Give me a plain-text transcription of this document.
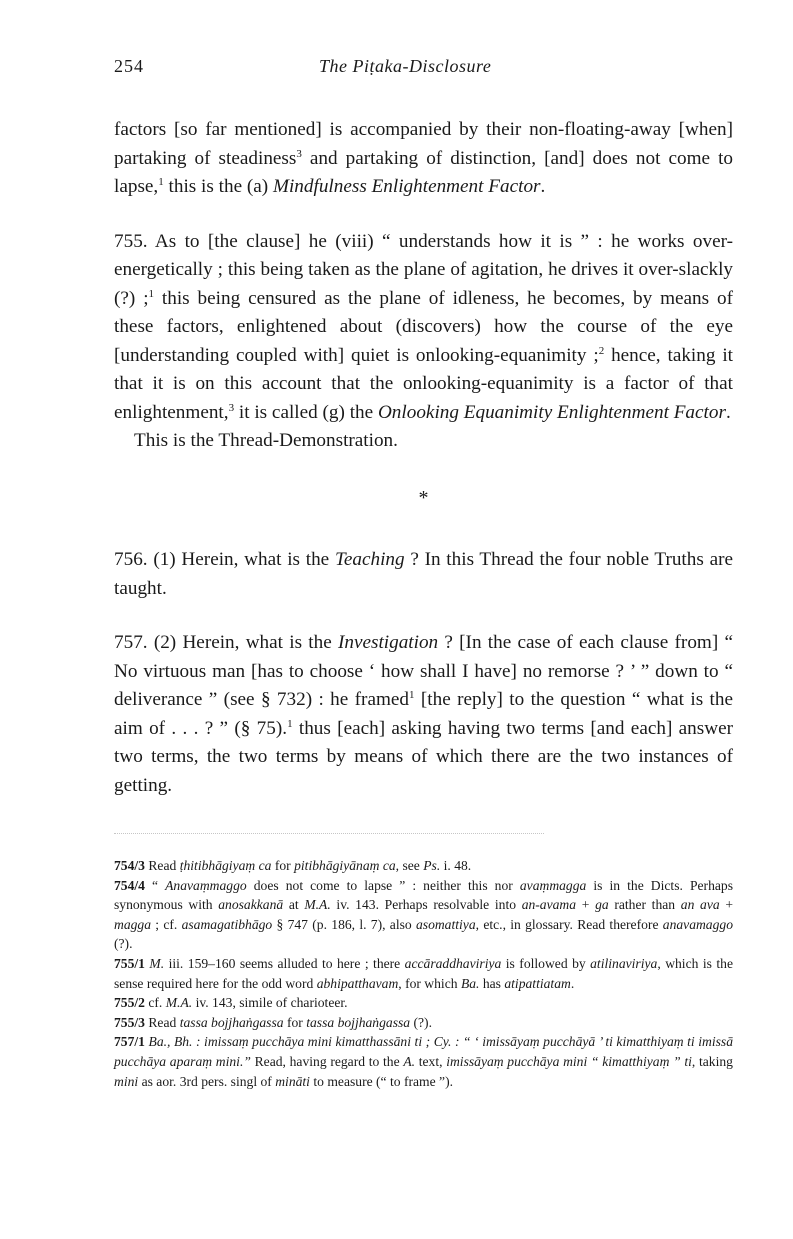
254	The Piṭaka-Disclosure

factors [so far mentioned] is accompanied by their non-floating-away [when] partaking of steadiness$^3$ and partaking of distinction, [and] does not come to lapse,$^1$ this is the (a) Mindfulness Enlightenment Factor.

755. As to [the clause] he (viii) “ understands how it is ” : he works over-energetically ; this being taken as the plane of agitation, he drives it over-slackly (?) ;$^1$ this being censured as the plane of idleness, he becomes, by means of these factors, enlightened about (discovers) how the course of the eye [understanding coupled with] quiet is onlooking-equanimity ;$^2$ hence, taking it that it is on this account that the onlooking-equanimity is a factor of that enlightenment,$^3$ it is called (g) the Onlooking Equanimity Enlightenment Factor.

This is the Thread-Demonstration.

*

756. (1) Herein, what is the Teaching ? In this Thread the four noble Truths are taught.

757. (2) Herein, what is the Investigation ? [In the case of each clause from] “ No virtuous man [has to choose ‘ how shall I have] no remorse ? ’ ” down to “ deliverance ” (see § 732) : he framed$^1$ [the reply] to the question “ what is the aim of . . . ? ” (§ 75).$^1$ thus [each] asking having two terms [and each] answer two terms, the two terms by means of which there are the two instances of getting.

754/3 Read ṭhitibhāgiyaṃ ca for pitibhāgiyānaṃ ca, see Ps. i. 48.

754/4 “ Anavaṃmaggo does not come to lapse ” : neither this nor avaṃmagga is in the Dicts. Perhaps synonymous with anosakkanā at M.A. iv. 143. Perhaps resolvable into an-avama + ga rather than an ava + magga ; cf. asamagatibhāgo § 747 (p. 186, l. 7), also asomattiya, etc., in glossary. Read therefore anavamaggo (?).

755/1 M. iii. 159–160 seems alluded to here ; there accāraddhaviriya is followed by atilinaviriya, which is the sense required here for the odd word abhipatthavam, for which Ba. has atipattiatam.

755/2 cf. M.A. iv. 143, simile of charioteer.

755/3 Read tassa bojjhaṅgassa for tassa bojjhaṅgassa (?).

757/1 Ba., Bh. : imissaṃ pucchāya mini kimatthassāni ti ; Cy. : “ ‘ imissāyaṃ pucchāyā ’ ti kimatthiyaṃ ti imissā pucchāya aparaṃ mini.” Read, having regard to the A. text, imissāyaṃ pucchāya mini “ kimatthiyaṃ ” ti, taking mini as aor. 3rd pers. singl of mināti to measure (“ to frame ”).
